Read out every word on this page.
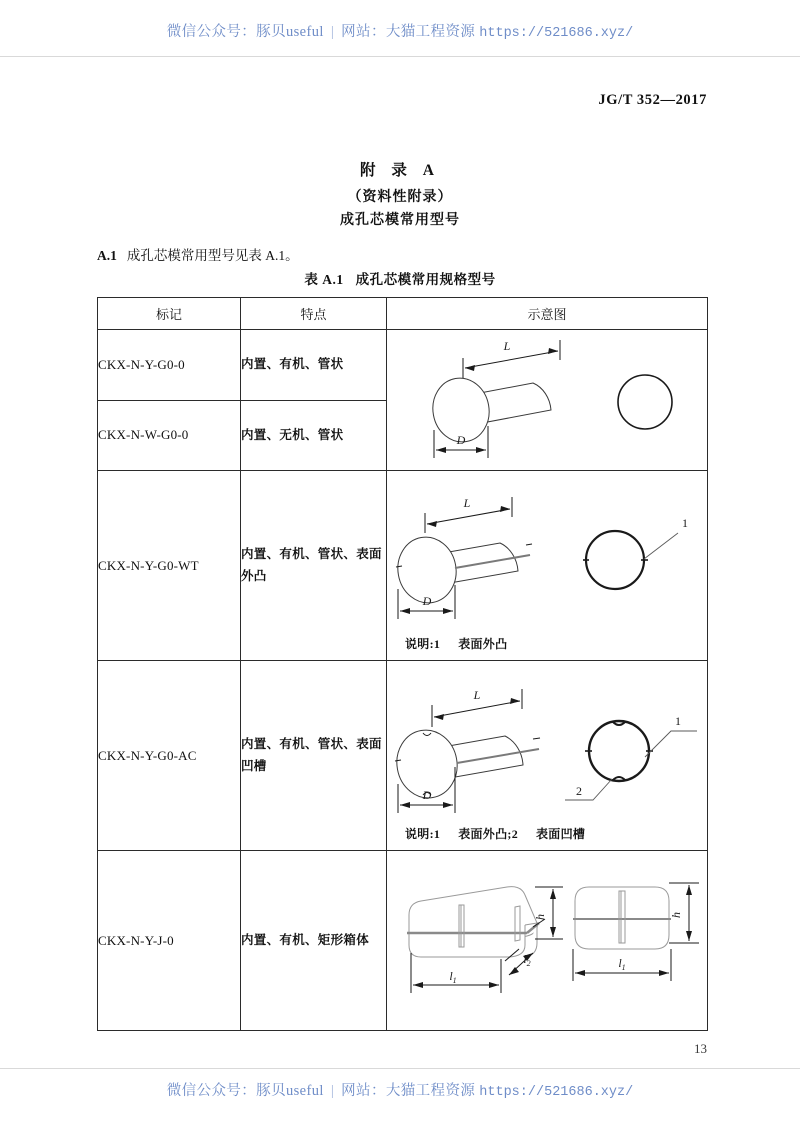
微信公众号：豚贝useful | 网站：大猫工程资源 https://521686.xyz/
JG/T 352—2017
附 录 A
（资料性附录）
成孔芯模常用型号
A.1 成孔芯模常用型号见表 A.1。
表 A.1 成孔芯模常用规格型号
标记	特点	示意图
CKX-N-Y-G0-0	内置、有机、管状	L
D

CKX-N-W-G0-0	内置、无机、管状	
CKX-N-Y-G0-WT	内置、有机、管状、表面外凸	L
D
1
说明:1 表面外凸

CKX-N-Y-G0-AC	内置、有机、管状、表面凹槽	L
D
1
2
说明:1 表面外凸;2 表面凹槽

CKX-N-Y-J-0	内置、有机、矩形箱体	$l_1$
$l_2$
h
$l_1$
h
13
微信公众号：豚贝useful | 网站：大猫工程资源 https://521686.xyz/
